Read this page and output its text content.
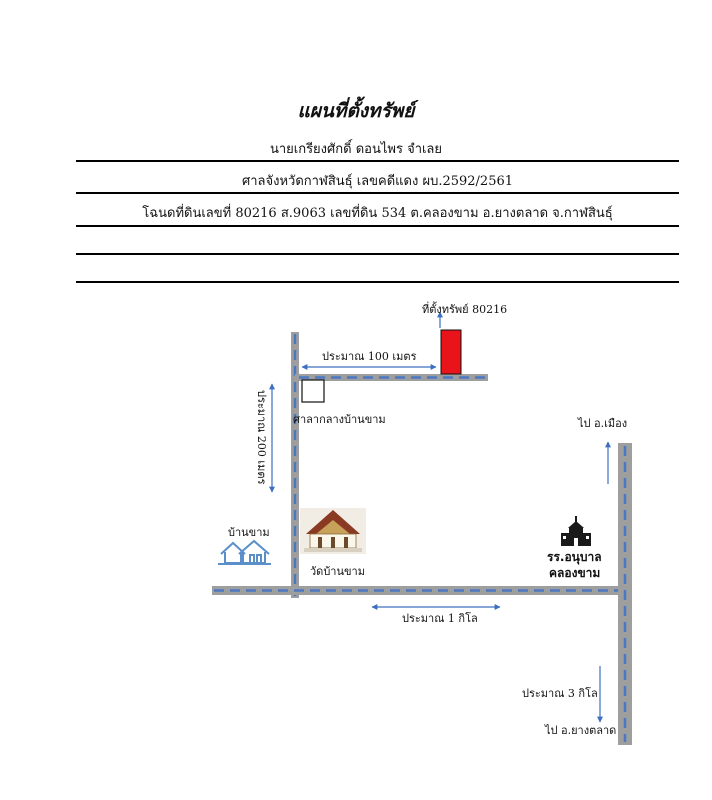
แผนที่ตั้งทรัพย์
นายเกรียงศักดิ์ ดอนไพร จำเลย
ศาลจังหวัดกาฬสินธุ์ เลขคดีแดง ผบ.2592/2561
โฉนดที่ดินเลขที่ 80216 ส.9063 เลขที่ดิน 534 ต.คลองขาม อ.ยางตลาด จ.กาฬสินธุ์
ที่ตั้งทรัพย์ 80216
ประมาณ 100 เมตร
ศาลากลางบ้านขาม
ประมาณ 200 เมตร
บ้านขาม
วัดบ้านขาม
รร.อนุบาล
คลองขาม
ไป อ.เมือง
ประมาณ 1 กิโล
ประมาณ 3 กิโล
ไป อ.ยางตลาด
